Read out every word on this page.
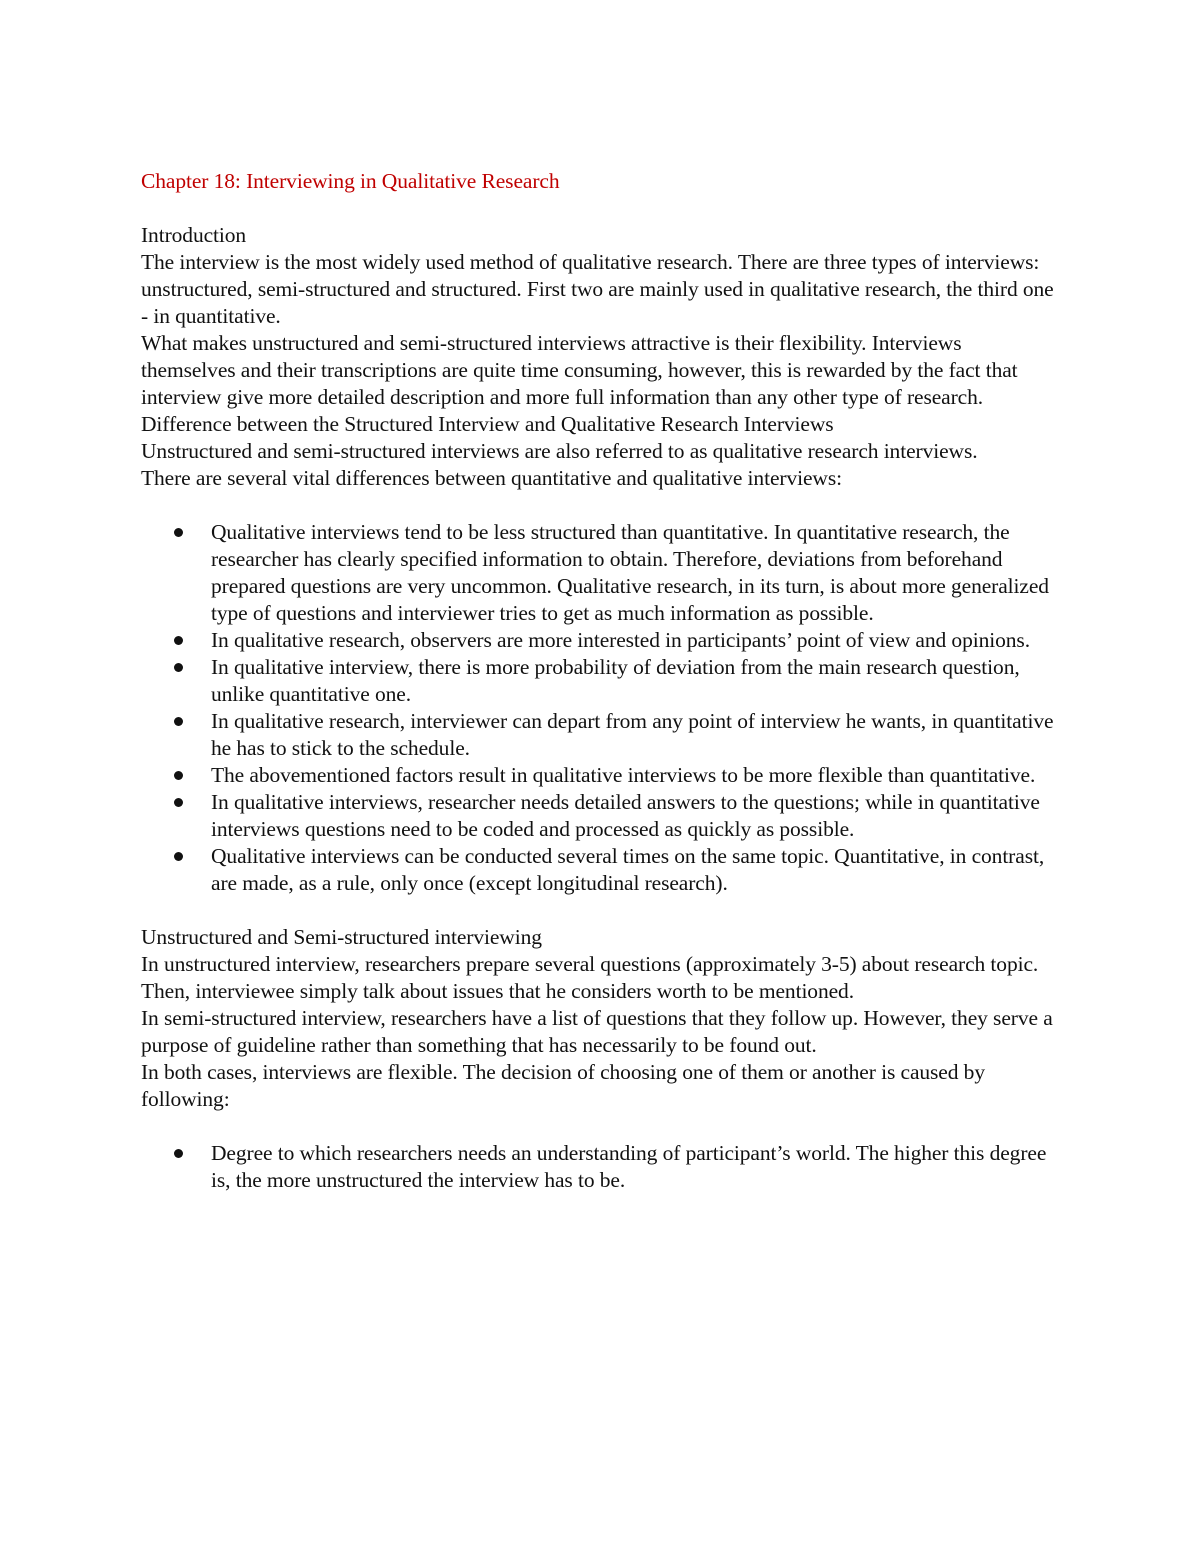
Chapter 18: Interviewing in Qualitative Research

Introduction

The interview is the most widely used method of qualitative research. There are three types of interviews: unstructured, semi-structured and structured. First two are mainly used in qualitative research, the third one - in quantitative.

What makes unstructured and semi-structured interviews attractive is their flexibility. Interviews themselves and their transcriptions are quite time consuming, however, this is rewarded by the fact that interview give more detailed description and more full information than any other type of research.

Difference between the Structured Interview and Qualitative Research Interviews

Unstructured and semi-structured interviews are also referred to as qualitative research interviews.

There are several vital differences between quantitative and qualitative interviews:

Qualitative interviews tend to be less structured than quantitative. In quantitative research, the researcher has clearly specified information to obtain. Therefore, deviations from beforehand prepared questions are very uncommon. Qualitative research, in its turn, is about more generalized type of questions and interviewer tries to get as much information as possible.
In qualitative research, observers are more interested in participants’ point of view and opinions.
In qualitative interview, there is more probability of deviation from the main research question, unlike quantitative one.
In qualitative research, interviewer can depart from any point of interview he wants, in quantitative he has to stick to the schedule.
The abovementioned factors result in qualitative interviews to be more flexible than quantitative.
In qualitative interviews, researcher needs detailed answers to the questions; while in quantitative interviews questions need to be coded and processed as quickly as possible.
Qualitative interviews can be conducted several times on the same topic. Quantitative, in contrast, are made, as a rule, only once (except longitudinal research).

Unstructured and Semi-structured interviewing

In unstructured interview, researchers prepare several questions (approximately 3-5) about research topic. Then, interviewee simply talk about issues that he considers worth to be mentioned.

In semi-structured interview, researchers have a list of questions that they follow up. However, they serve a purpose of guideline rather than something that has necessarily to be found out.

In both cases, interviews are flexible. The decision of choosing one of them or another is caused by following:

Degree to which researchers needs an understanding of participant’s world. The higher this degree is, the more unstructured the interview has to be.
